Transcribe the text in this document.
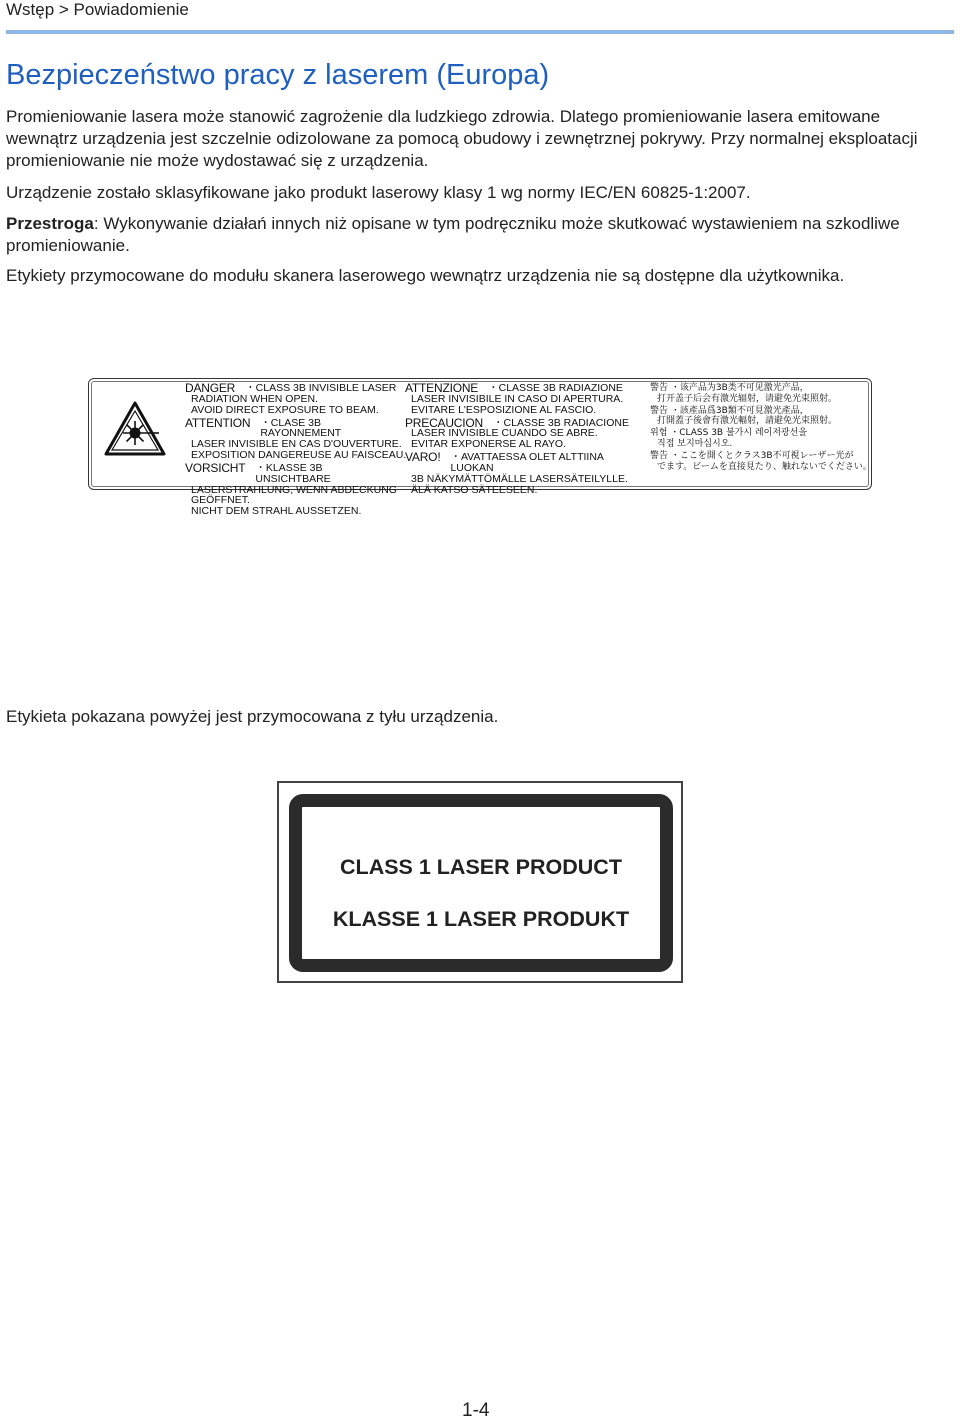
Wstęp > Powiadomienie
Bezpieczeństwo pracy z laserem (Europa)

Promieniowanie lasera może stanowić zagrożenie dla ludzkiego zdrowia. Dlatego promieniowanie lasera emitowane wewnątrz urządzenia jest szczelnie odizolowane za pomocą obudowy i zewnętrznej pokrywy. Przy normalnej eksploatacji promieniowanie nie może wydostawać się z urządzenia.

Urządzenie zostało sklasyfikowane jako produkt laserowy klasy 1 wg normy IEC/EN 60825-1:2007.

Przestroga: Wykonywanie działań innych niż opisane w tym podręczniku może skutkować wystawieniem na szkodliwe promieniowanie.

Etykiety przymocowane do modułu skanera laserowego wewnątrz urządzenia nie są dostępne dla użytkownika.

DANGER ・CLASS 3B INVISIBLE LASER
RADIATION WHEN OPEN.
AVOID DIRECT EXPOSURE TO BEAM.
ATTENTION ・CLASE 3B RAYONNEMENT
LASER INVISIBLE EN CAS D'OUVERTURE.
EXPOSITION DANGEREUSE AU FAISCEAU.
VORSICHT ・KLASSE 3B UNSICHTBARE
LASERSTRAHLUNG, WENN ABDECKUNG
GEÖFFNET.
NICHT DEM STRAHL AUSSETZEN.
ATTENZIONE ・CLASSE 3B RADIAZIONE
LASER INVISIBILE IN CASO DI APERTURA.
EVITARE L'ESPOSIZIONE AL FASCIO.
PRECAUCION ・CLASSE 3B RADIACIONE
LASER INVISIBLE CUANDO SE ABRE.
EVITAR EXPONERSE AL RAYO.
VARO! ・AVATTAESSA OLET ALTTIINA LUOKAN
3B NÄKYMÄTTÖMÄLLE LASERSÄTEILYLLE.
ÄLÄ KATSO SÄTEESEEN.
警告 ・该产品为3B类不可见激光产品，
打开盖子后会有激光辐射，请避免光束照射。
警告 ・該產品爲3B類不可見激光產品，
打開蓋子後會有激光輻射，請避免光束照射。
위험 ・CLASS 3B 불가시 레이저광선을
직접 보지마십시오.
警告 ・ここを開くとクラス3B不可視レーザー光が
でます。ビームを直接見たり、触れないでください。

Etykieta pokazana powyżej jest przymocowana z tyłu urządzenia.

CLASS 1 LASER PRODUCT
KLASSE 1 LASER PRODUKT
1-4
